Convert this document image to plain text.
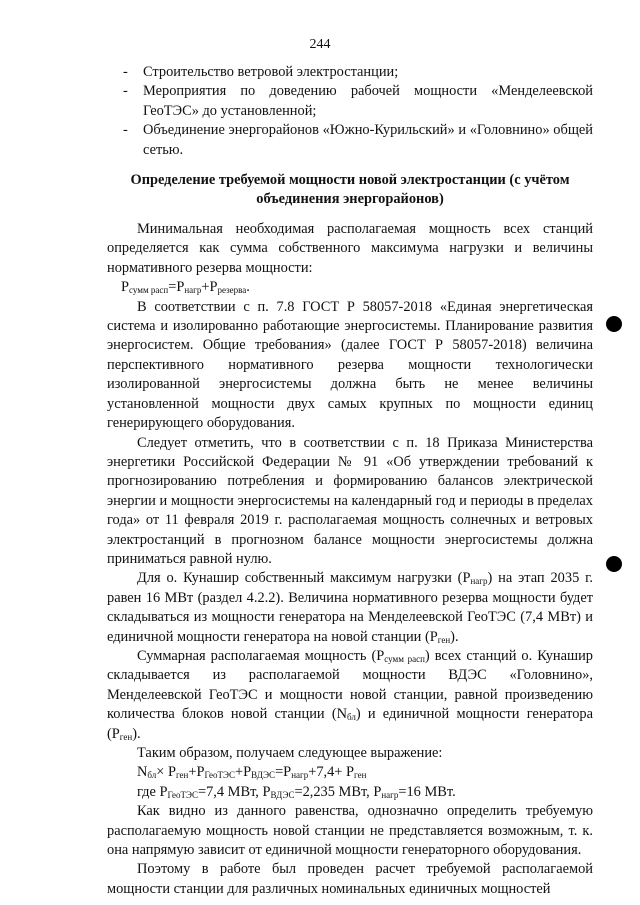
244
-	Строительство ветровой электростанции;
-	Мероприятия по доведению рабочей мощности «Менделеевской ГеоТЭС» до установленной;
-	Объединение энергорайонов «Южно-Курильский» и «Головнино» общей сетью.
Определение требуемой мощности новой электростанции (с учётом объединения энергорайонов)
Минимальная необходимая располагаемая мощность всех станций определяется как сумма собственного максимума нагрузки и величины нормативного резерва мощности:
$P_{сумм расп}=P_{нагр}+P_{резерва}$.
В соответствии с п. 7.8 ГОСТ Р 58057-2018 «Единая энергетическая система и изолированно работающие энергосистемы. Планирование развития энергосистем. Общие требования» (далее ГОСТ Р 58057-2018) величина перспективного нормативного резерва мощности технологически изолированной энергосистемы должна быть не менее величины установленной мощности двух самых крупных по мощности единиц генерирующего оборудования.
Следует отметить, что в соответствии с п. 18 Приказа Министерства энергетики Российской Федерации № 91 «Об утверждении требований к прогнозированию потребления и формированию балансов электрической энергии и мощности энергосистемы на календарный год и периоды в пределах года» от 11 февраля 2019 г. располагаемая мощность солнечных и ветровых электростанций в прогнозном балансе мощности энергосистемы должна приниматься равной нулю.
Для о. Кунашир собственный максимум нагрузки $(P_{нагр})$ на этап 2035 г. равен 16 МВт (раздел 4.2.2). Величина нормативного резерва мощности будет складываться из мощности генератора на Менделеевской ГеоТЭС (7,4 МВт) и единичной мощности генератора на новой станции $(P_{ген})$.
Суммарная располагаемая мощность $(P_{сумм расп})$ всех станций о. Кунашир складывается из располагаемой мощности ВДЭС «Головнино», Менделеевской ГеоТЭС и мощности новой станции, равной произведению количества блоков новой станции $(N_{бл})$ и единичной мощности генератора $(P_{ген})$.
Таким образом, получаем следующее выражение:
$N_{бл}\times P_{ген}+P_{ГеоТЭС}+P_{ВДЭС}=P_{нагр}+7,4+ P_{ген}$
где $P_{ГеоТЭС}=7,4$ МВт, $P_{ВДЭС}=2,235$ МВт, $P_{нагр}=16$ МВт.
Как видно из данного равенства, однозначно определить требуемую располагаемую мощность новой станции не представляется возможным, т. к. она напрямую зависит от единичной мощности генераторного оборудования.
Поэтому в работе был проведен расчет требуемой располагаемой мощности станции для различных номинальных единичных мощностей
